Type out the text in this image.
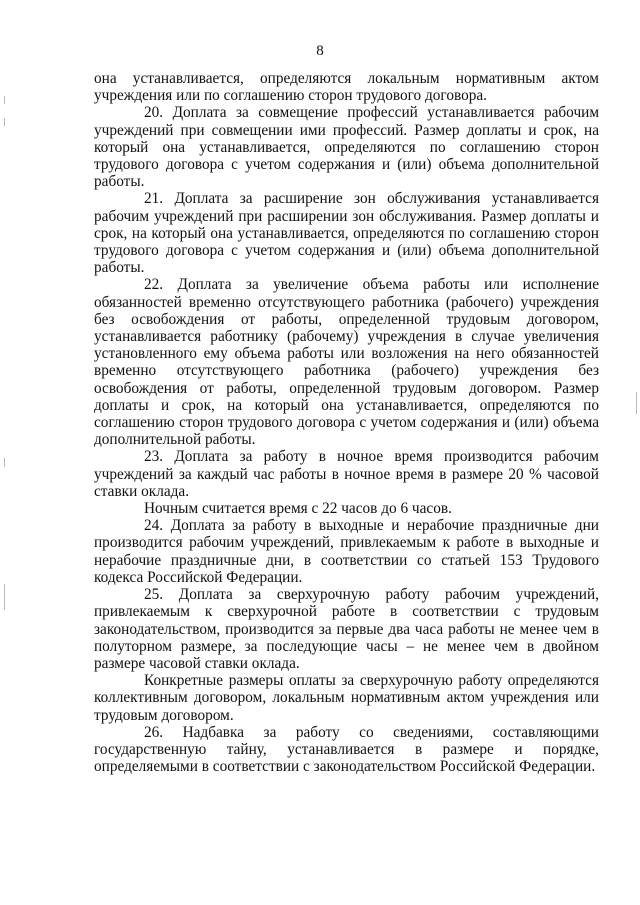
8

она устанавливается, определяются локальным нормативным актом учреждения или по соглашению сторон трудового договора.

20. Доплата за совмещение профессий устанавливается рабочим учреждений при совмещении ими профессий. Размер доплаты и срок, на который она устанавливается, определяются по соглашению сторон трудового договора с учетом содержания и (или) объема дополнительной работы.

21. Доплата за расширение зон обслуживания устанавливается рабочим учреждений при расширении зон обслуживания. Размер доплаты и срок, на который она устанавливается, определяются по соглашению сторон трудового договора с учетом содержания и (или) объема дополнительной работы.

22. Доплата за увеличение объема работы или исполнение обязанностей временно отсутствующего работника (рабочего) учреждения без освобождения от работы, определенной трудовым договором, устанавливается работнику (рабочему) учреждения в случае увеличения установленного ему объема работы или возложения на него обязанностей временно отсутствующего работника (рабочего) учреждения без освобождения от работы, определенной трудовым договором. Размер доплаты и срок, на который она устанавливается, определяются по соглашению сторон трудового договора с учетом содержания и (или) объема дополнительной работы.

23. Доплата за работу в ночное время производится рабочим учреждений за каждый час работы в ночное время в размере 20 % часовой ставки оклада.

Ночным считается время с 22 часов до 6 часов.

24. Доплата за работу в выходные и нерабочие праздничные дни производится рабочим учреждений, привлекаемым к работе в выходные и нерабочие праздничные дни, в соответствии со статьей 153 Трудового кодекса Российской Федерации.

25. Доплата за сверхурочную работу рабочим учреждений, привлекаемым к сверхурочной работе в соответствии с трудовым законодательством, производится за первые два часа работы не менее чем в полуторном размере, за последующие часы – не менее чем в двойном размере часовой ставки оклада.

Конкретные размеры оплаты за сверхурочную работу определяются коллективным договором, локальным нормативным актом учреждения или трудовым договором.

26. Надбавка за работу со сведениями, составляющими государственную тайну, устанавливается в размере и порядке, определяемыми в соответствии с законодательством Российской Федерации.
